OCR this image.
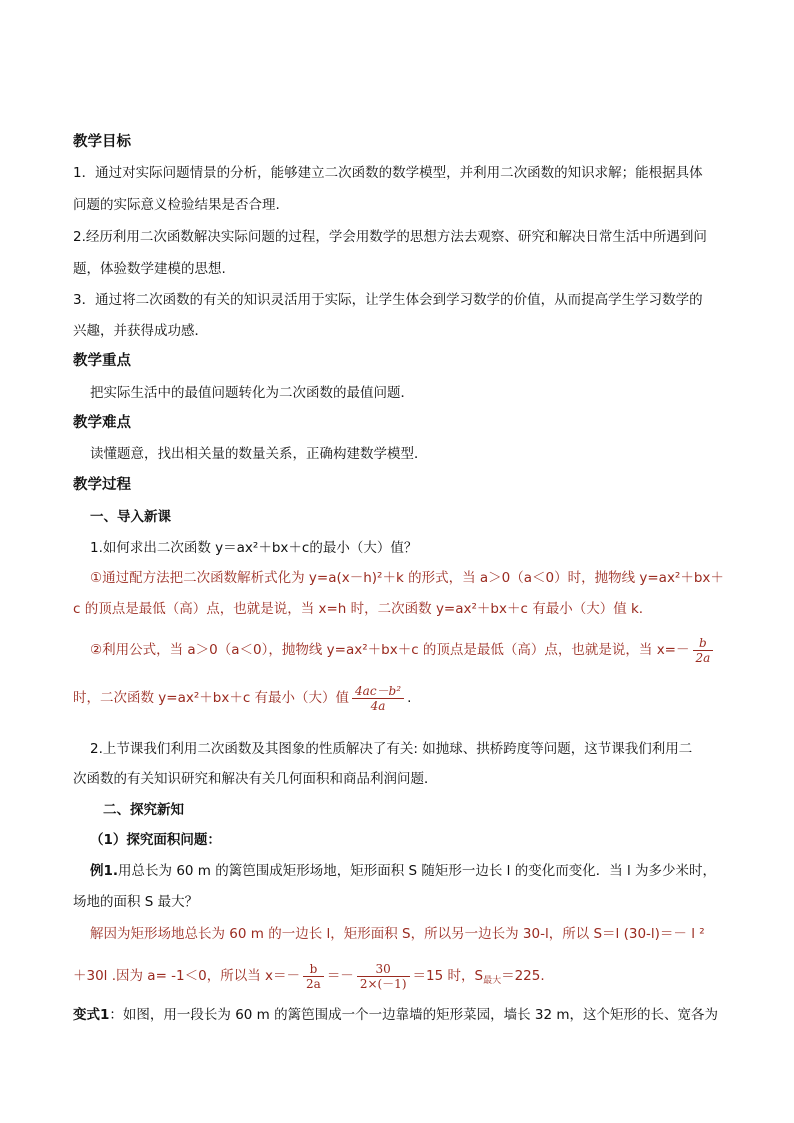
教学目标
1．通过对实际问题情景的分析，能够建立二次函数的数学模型，并利用二次函数的知识求解；能根据具体
问题的实际意义检验结果是否合理.
2.经历利用二次函数解决实际问题的过程，学会用数学的思想方法去观察、研究和解决日常生活中所遇到问
题，体验数学建模的思想.
3．通过将二次函数的有关的知识灵活用于实际，让学生体会到学习数学的价值，从而提高学生学习数学的
兴趣，并获得成功感．
教学重点
把实际生活中的最值问题转化为二次函数的最值问题．
教学难点
读懂题意，找出相关量的数量关系，正确构建数学模型．
教学过程
一、导入新课
1.如何求出二次函数 y＝ax²＋bx＋c的最小（大）值？
①通过配方法把二次函数解析式化为 y=a(x－h)²＋k 的形式，当 a＞0（a＜0）时，抛物线 y=ax²＋bx＋
c 的顶点是最低（高）点，也就是说，当 x=h 时，二次函数 y=ax²＋bx＋c 有最小（大）值 k.
②利用公式，当 a＞0（a＜0），抛物线 y=ax²＋bx＋c 的顶点是最低（高）点，也就是说，当 $x=- \frac{b}{2a}$
时，二次函数 y=ax²＋bx＋c 有最小（大）值 $\frac{\text{4ac－b²}}{4a}$ .
2.上节课我们利用二次函数及其图象的性质解决了有关: 如抛球、拱桥跨度等问题，这节课我们利用二
次函数的有关知识研究和解决有关几何面积和商品利润问题．
二、探究新知
（1）探究面积问题：
例1.用总长为 60 m 的篱笆围成矩形场地，矩形面积 S 随矩形一边长 l 的变化而变化．当 l 为多少米时，
场地的面积 S 最大？
解因为矩形场地总长为 60 m 的一边长 l，矩形面积 S，所以另一边长为 30-l，所以 S＝l (30-l)＝－ l ²
＋30l .因为 a= -1＜0，所以当 $x=- \frac{b}{2a} =- \frac{30}{2\times(-1)} =15$ 时，$S_{最大}=225$.
变式1：如图，用一段长为 60 m 的篱笆围成一个一边靠墙的矩形菜园，墙长 32 m，这个矩形的长、宽各为
